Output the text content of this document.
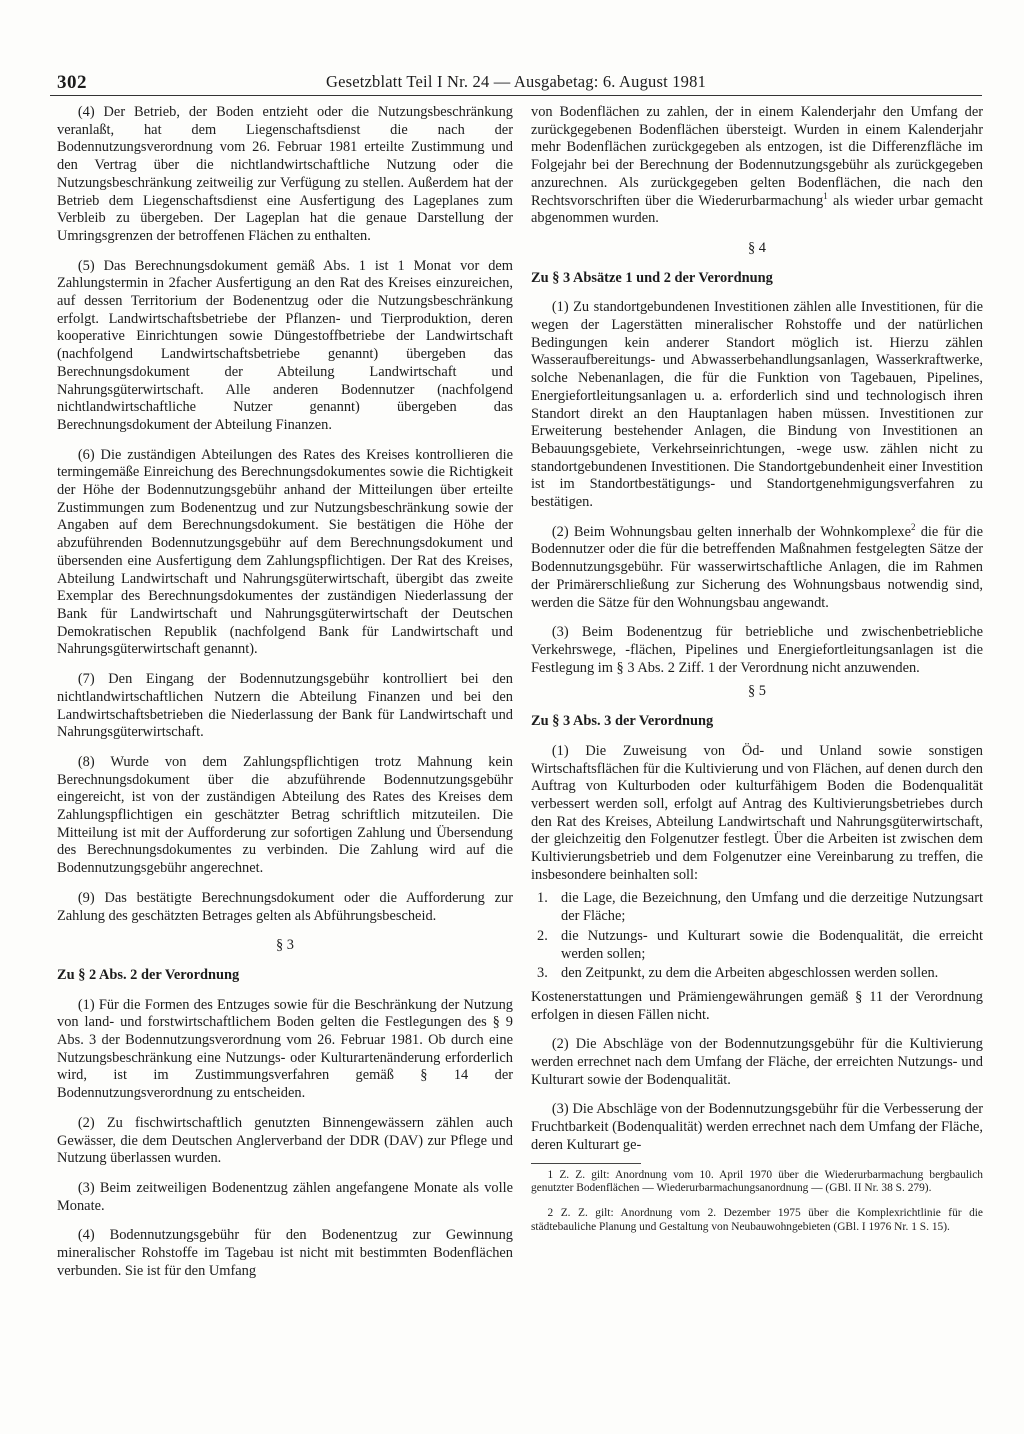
302	Gesetzblatt Teil I Nr. 24 — Ausgabetag: 6. August 1981

(4) Der Betrieb, der Boden entzieht oder die Nutzungsbeschränkung veranlaßt, hat dem Liegenschaftsdienst die nach der Bodennutzungsverordnung vom 26. Februar 1981 erteilte Zustimmung und den Vertrag über die nichtlandwirtschaftliche Nutzung oder die Nutzungsbeschränkung zeitweilig zur Verfügung zu stellen. Außerdem hat der Betrieb dem Liegenschaftsdienst eine Ausfertigung des Lageplanes zum Verbleib zu übergeben. Der Lageplan hat die genaue Darstellung der Umringsgrenzen der betroffenen Flächen zu enthalten.

(5) Das Berechnungsdokument gemäß Abs. 1 ist 1 Monat vor dem Zahlungstermin in 2facher Ausfertigung an den Rat des Kreises einzureichen, auf dessen Territorium der Bodenentzug oder die Nutzungsbeschränkung erfolgt. Landwirtschaftsbetriebe der Pflanzen- und Tierproduktion, deren kooperative Einrichtungen sowie Düngestoffbetriebe der Landwirtschaft (nachfolgend Landwirtschaftsbetriebe genannt) übergeben das Berechnungsdokument der Abteilung Landwirtschaft und Nahrungsgüterwirtschaft. Alle anderen Bodennutzer (nachfolgend nichtlandwirtschaftliche Nutzer genannt) übergeben das Berechnungsdokument der Abteilung Finanzen.

(6) Die zuständigen Abteilungen des Rates des Kreises kontrollieren die termingemäße Einreichung des Berechnungsdokumentes sowie die Richtigkeit der Höhe der Bodennutzungsgebühr anhand der Mitteilungen über erteilte Zustimmungen zum Bodenentzug und zur Nutzungsbeschränkung sowie der Angaben auf dem Berechnungsdokument. Sie bestätigen die Höhe der abzuführenden Bodennutzungsgebühr auf dem Berechnungsdokument und übersenden eine Ausfertigung dem Zahlungspflichtigen. Der Rat des Kreises, Abteilung Landwirtschaft und Nahrungsgüterwirtschaft, übergibt das zweite Exemplar des Berechnungsdokumentes der zuständigen Niederlassung der Bank für Landwirtschaft und Nahrungsgüterwirtschaft der Deutschen Demokratischen Republik (nachfolgend Bank für Landwirtschaft und Nahrungsgüterwirtschaft genannt).

(7) Den Eingang der Bodennutzungsgebühr kontrolliert bei den nichtlandwirtschaftlichen Nutzern die Abteilung Finanzen und bei den Landwirtschaftsbetrieben die Niederlassung der Bank für Landwirtschaft und Nahrungsgüterwirtschaft.

(8) Wurde von dem Zahlungspflichtigen trotz Mahnung kein Berechnungsdokument über die abzuführende Bodennutzungsgebühr eingereicht, ist von der zuständigen Abteilung des Rates des Kreises dem Zahlungspflichtigen ein geschätzter Betrag schriftlich mitzuteilen. Die Mitteilung ist mit der Aufforderung zur sofortigen Zahlung und Übersendung des Berechnungsdokumentes zu verbinden. Die Zahlung wird auf die Bodennutzungsgebühr angerechnet.

(9) Das bestätigte Berechnungsdokument oder die Aufforderung zur Zahlung des geschätzten Betrages gelten als Abführungsbescheid.

§ 3

Zu § 2 Abs. 2 der Verordnung

(1) Für die Formen des Entzuges sowie für die Beschränkung der Nutzung von land- und forstwirtschaftlichem Boden gelten die Festlegungen des § 9 Abs. 3 der Bodennutzungsverordnung vom 26. Februar 1981. Ob durch eine Nutzungsbeschränkung eine Nutzungs- oder Kulturartenänderung erforderlich wird, ist im Zustimmungsverfahren gemäß § 14 der Bodennutzungsverordnung zu entscheiden.

(2) Zu fischwirtschaftlich genutzten Binnengewässern zählen auch Gewässer, die dem Deutschen Anglerverband der DDR (DAV) zur Pflege und Nutzung überlassen wurden.

(3) Beim zeitweiligen Bodenentzug zählen angefangene Monate als volle Monate.

(4) Bodennutzungsgebühr für den Bodenentzug zur Gewinnung mineralischer Rohstoffe im Tagebau ist nicht mit bestimmten Bodenflächen verbunden. Sie ist für den Umfang

von Bodenflächen zu zahlen, der in einem Kalenderjahr den Umfang der zurückgegebenen Bodenflächen übersteigt. Wurden in einem Kalenderjahr mehr Bodenflächen zurückgegeben als entzogen, ist die Differenzfläche im Folgejahr bei der Berechnung der Bodennutzungsgebühr als zurückgegeben anzurechnen. Als zurückgegeben gelten Bodenflächen, die nach den Rechtsvorschriften über die Wiederurbarmachung$^1$ als wieder urbar gemacht abgenommen wurden.

§ 4

Zu § 3 Absätze 1 und 2 der Verordnung

(1) Zu standortgebundenen Investitionen zählen alle Investitionen, für die wegen der Lagerstätten mineralischer Rohstoffe und der natürlichen Bedingungen kein anderer Standort möglich ist. Hierzu zählen Wasseraufbereitungs- und Abwasserbehandlungsanlagen, Wasserkraftwerke, solche Nebenanlagen, die für die Funktion von Tagebauen, Pipelines, Energiefortleitungsanlagen u. a. erforderlich sind und technologisch ihren Standort direkt an den Hauptanlagen haben müssen. Investitionen zur Erweiterung bestehender Anlagen, die Bindung von Investitionen an Bebauungsgebiete, Verkehrseinrichtungen, -wege usw. zählen nicht zu standortgebundenen Investitionen. Die Standortgebundenheit einer Investition ist im Standortbestätigungs- und Standortgenehmigungsverfahren zu bestätigen.

(2) Beim Wohnungsbau gelten innerhalb der Wohnkomplexe$^2$ die für die Bodennutzer oder die für die betreffenden Maßnahmen festgelegten Sätze der Bodennutzungsgebühr. Für wasserwirtschaftliche Anlagen, die im Rahmen der Primärerschließung zur Sicherung des Wohnungsbaus notwendig sind, werden die Sätze für den Wohnungsbau angewandt.

(3) Beim Bodenentzug für betriebliche und zwischenbetriebliche Verkehrswege, -flächen, Pipelines und Energiefortleitungsanlagen ist die Festlegung im § 3 Abs. 2 Ziff. 1 der Verordnung nicht anzuwenden.

§ 5

Zu § 3 Abs. 3 der Verordnung

(1) Die Zuweisung von Öd- und Unland sowie sonstigen Wirtschaftsflächen für die Kultivierung und von Flächen, auf denen durch den Auftrag von Kulturboden oder kulturfähigem Boden die Bodenqualität verbessert werden soll, erfolgt auf Antrag des Kultivierungsbetriebes durch den Rat des Kreises, Abteilung Landwirtschaft und Nahrungsgüterwirtschaft, der gleichzeitig den Folgenutzer festlegt. Über die Arbeiten ist zwischen dem Kultivierungsbetrieb und dem Folgenutzer eine Vereinbarung zu treffen, die insbesondere beinhalten soll:

1. die Lage, die Bezeichnung, den Umfang und die derzeitige Nutzungsart der Fläche;
2. die Nutzungs- und Kulturart sowie die Bodenqualität, die erreicht werden sollen;
3. den Zeitpunkt, zu dem die Arbeiten abgeschlossen werden sollen.

Kostenerstattungen und Prämiengewährungen gemäß § 11 der Verordnung erfolgen in diesen Fällen nicht.

(2) Die Abschläge von der Bodennutzungsgebühr für die Kultivierung werden errechnet nach dem Umfang der Fläche, der erreichten Nutzungs- und Kulturart sowie der Bodenqualität.

(3) Die Abschläge von der Bodennutzungsgebühr für die Verbesserung der Fruchtbarkeit (Bodenqualität) werden errechnet nach dem Umfang der Fläche, deren Kulturart ge-

1 Z. Z. gilt: Anordnung vom 10. April 1970 über die Wiederurbarmachung bergbaulich genutzter Bodenflächen — Wiederurbarmachungsanordnung — (GBl. II Nr. 38 S. 279).

2 Z. Z. gilt: Anordnung vom 2. Dezember 1975 über die Komplexrichtlinie für die städtebauliche Planung und Gestaltung von Neubauwohngebieten (GBl. I 1976 Nr. 1 S. 15).
